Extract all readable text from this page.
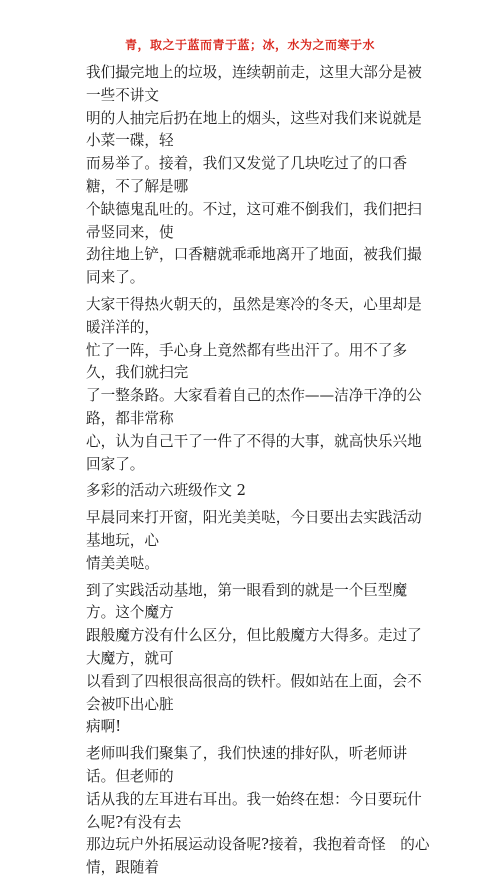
青，取之于蓝而青于蓝；冰，水为之而寒于水
我们撮完地上的垃圾，连续朝前走，这里大部分是被一些不讲文
明的人抽完后扔在地上的烟头，这些对我们来说就是小菜一碟，轻
而易举了。接着，我们又发觉了几块吃过了的口香糖，不了解是哪
个缺德鬼乱吐的。不过，这可难不倒我们，我们把扫帚竖同来，使
劲往地上铲，口香糖就乖乖地离开了地面，被我们撮同来了。
大家干得热火朝天的，虽然是寒冷的冬天，心里却是暖洋洋的，
忙了一阵，手心身上竟然都有些出汗了。用不了多久，我们就扫完
了一整条路。大家看着自己的杰作——洁净干净的公路，都非常称
心，认为自己干了一件了不得的大事，就高快乐兴地回家了。
多彩的活动六班级作文 2
早晨同来打开窗，阳光美美哒，今日要出去实践活动基地玩，心
情美美哒。
到了实践活动基地，第一眼看到的就是一个巨型魔方。这个魔方
跟般魔方没有什么区分，但比般魔方大得多。走过了大魔方，就可
以看到了四根很高很高的铁杆。假如站在上面，会不会被吓出心脏
病啊!
老师叫我们聚集了，我们快速的排好队，听老师讲话。但老师的
话从我的左耳进右耳出。我一始终在想：今日要玩什么呢?有没有去
那边玩户外拓展运动设备呢?接着，我抱着奇怪　的心情，跟随着
